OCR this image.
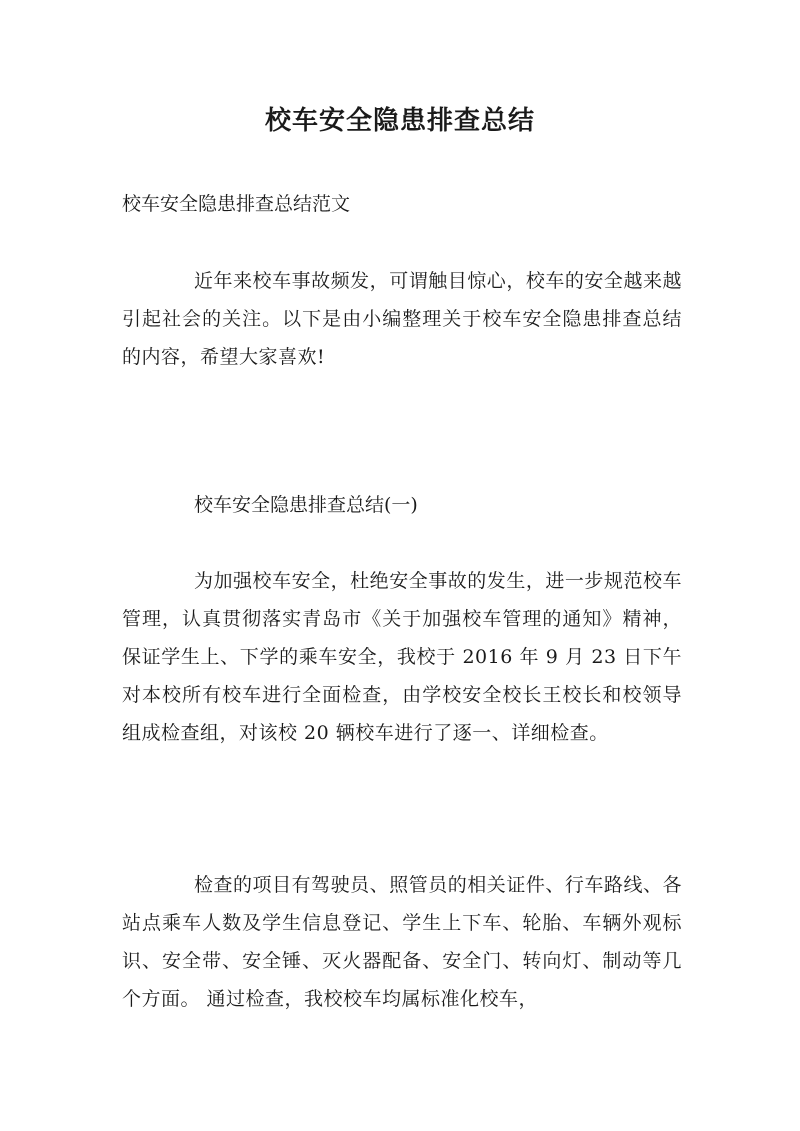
校车安全隐患排查总结

校车安全隐患排查总结范文

近年来校车事故频发，可谓触目惊心，校车的安全越来越引起社会的关注。以下是由小编整理关于校车安全隐患排查总结的内容，希望大家喜欢!

校车安全隐患排查总结(一)

为加强校车安全，杜绝安全事故的发生，进一步规范校车管理，认真贯彻落实青岛市《关于加强校车管理的通知》精神，保证学生上、下学的乘车安全，我校于 2016 年 9 月 23 日下午对本校所有校车进行全面检查，由学校安全校长王校长和校领导组成检查组，对该校 20 辆校车进行了逐一、详细检查。

检查的项目有驾驶员、照管员的相关证件、行车路线、各站点乘车人数及学生信息登记、学生上下车、轮胎、车辆外观标识、安全带、安全锤、灭火器配备、安全门、转向灯、制动等几个方面。 通过检查，我校校车均属标准化校车，
